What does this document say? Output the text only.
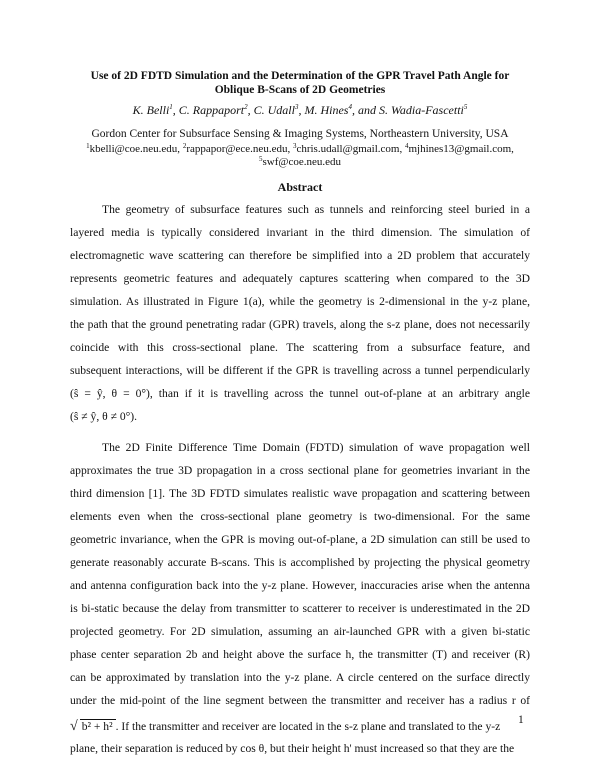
Use of 2D FDTD Simulation and the Determination of the GPR Travel Path Angle for
Oblique B-Scans of 2D Geometries
K. Belli$^1$, C. Rappaport$^2$, C. Udall$^3$, M. Hines$^4$, and S. Wadia-Fascetti$^5$
Gordon Center for Subsurface Sensing & Imaging Systems, Northeastern University, USA
$^1$kbelli@coe.neu.edu, $^2$rappapor@ece.neu.edu, $^3$chris.udall@gmail.com, $^4$mjhines13@gmail.com,
$^5$swf@coe.neu.edu
Abstract
The geometry of subsurface features such as tunnels and reinforcing steel buried in a
layered media is typically considered invariant in the third dimension. The simulation of
electromagnetic wave scattering can therefore be simplified into a 2D problem that accurately
represents geometric features and adequately captures scattering when compared to the 3D
simulation. As illustrated in Figure 1(a), while the geometry is 2-dimensional in the y-z plane,
the path that the ground penetrating radar (GPR) travels, along the s-z plane, does not necessarily
coincide with this cross-sectional plane. The scattering from a subsurface feature, and
subsequent interactions, will be different if the GPR is travelling across a tunnel perpendicularly
(ŝ = ŷ, θ = 0°), than if it is travelling across the tunnel out-of-plane at an arbitrary angle
(ŝ ≠ ŷ, θ ≠ 0°).
The 2D Finite Difference Time Domain (FDTD) simulation of wave propagation well
approximates the true 3D propagation in a cross sectional plane for geometries invariant in the
third dimension [1]. The 3D FDTD simulates realistic wave propagation and scattering between
elements even when the cross-sectional plane geometry is two-dimensional. For the same
geometric invariance, when the GPR is moving out-of-plane, a 2D simulation can still be used to
generate reasonably accurate B-scans. This is accomplished by projecting the physical geometry
and antenna configuration back into the y-z plane. However, inaccuracies arise when the antenna
is bi-static because the delay from transmitter to scatterer to receiver is underestimated in the 2D
projected geometry. For 2D simulation, assuming an air-launched GPR with a given bi-static
phase center separation 2b and height above the surface h, the transmitter (T) and receiver (R)
can be approximated by translation into the y-z plane. A circle centered on the surface directly
under the mid-point of the line segment between the transmitter and receiver has a radius r of
√ b² + h² . If the transmitter and receiver are located in the s-z plane and translated to the y-z
plane, their separation is reduced by cos θ, but their height h' must increased so that they are the
1
